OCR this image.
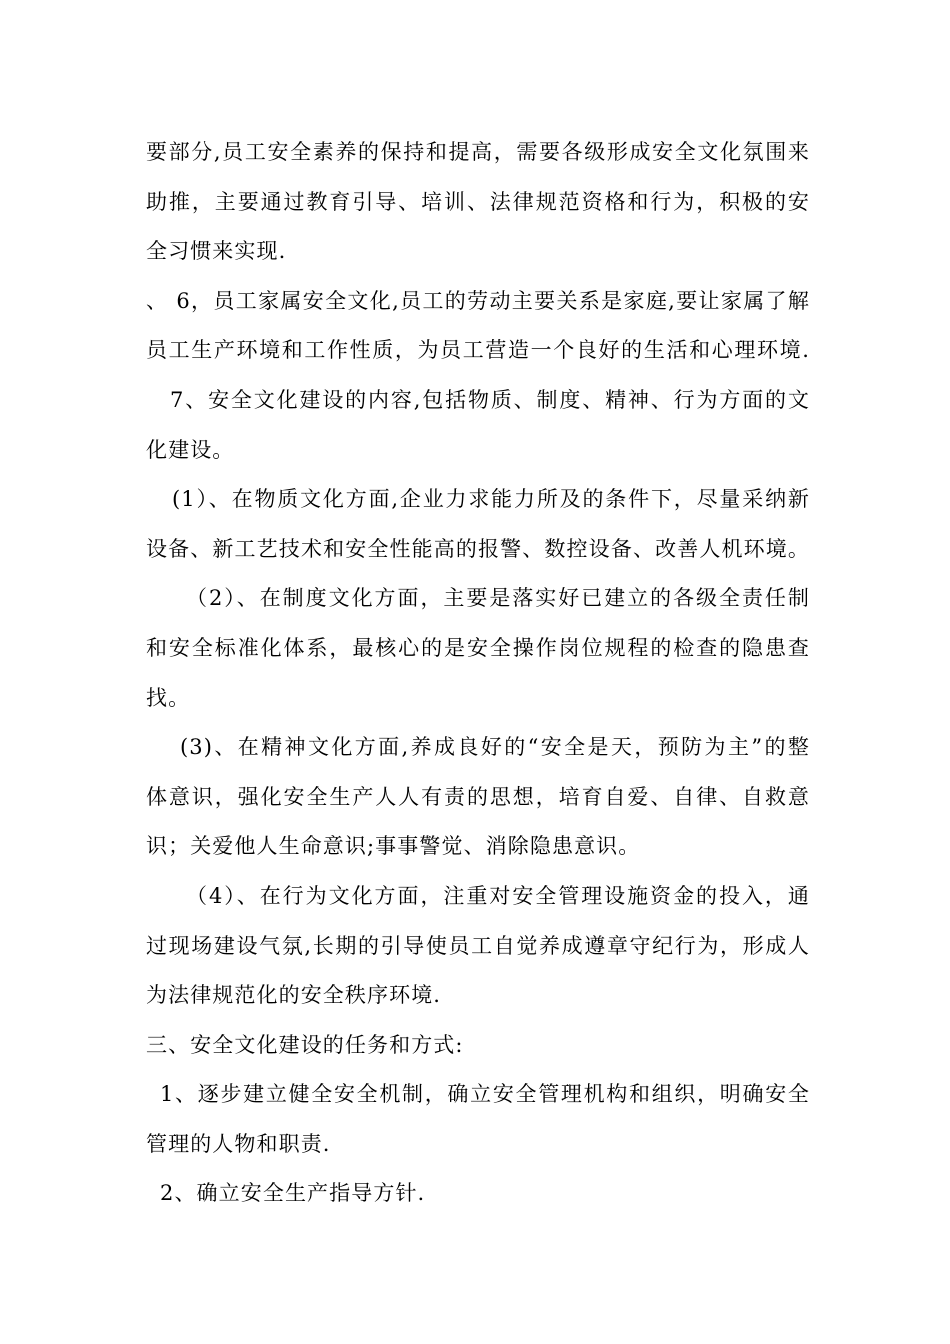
要部分,员工安全素养的保持和提高，需要各级形成安全文化氛围来
助推，主要通过教育引导、培训、法律规范资格和行为，积极的安
全习惯来实现.
、 6，员工家属安全文化,员工的劳动主要关系是家庭,要让家属了解
员工生产环境和工作性质，为员工营造一个良好的生活和心理环境.
7、安全文化建设的内容,包括物质、制度、精神、行为方面的文
化建设。
(1）、在物质文化方面,企业力求能力所及的条件下，尽量采纳新
设备、新工艺技术和安全性能高的报警、数控设备、改善人机环境。
（2）、在制度文化方面，主要是落实好已建立的各级全责任制
和安全标准化体系，最核心的是安全操作岗位规程的检查的隐患查
找。
(3)、在精神文化方面,养成良好的“安全是天，预防为主”的整
体意识，强化安全生产人人有责的思想，培育自爱、自律、自救意
识；关爱他人生命意识;事事警觉、消除隐患意识。
（4）、在行为文化方面，注重对安全管理设施资金的投入，通
过现场建设气氛,长期的引导使员工自觉养成遵章守纪行为，形成人
为法律规范化的安全秩序环境.
三、安全文化建设的任务和方式:
1、逐步建立健全安全机制，确立安全管理机构和组织，明确安全
管理的人物和职责.
2、确立安全生产指导方针.
